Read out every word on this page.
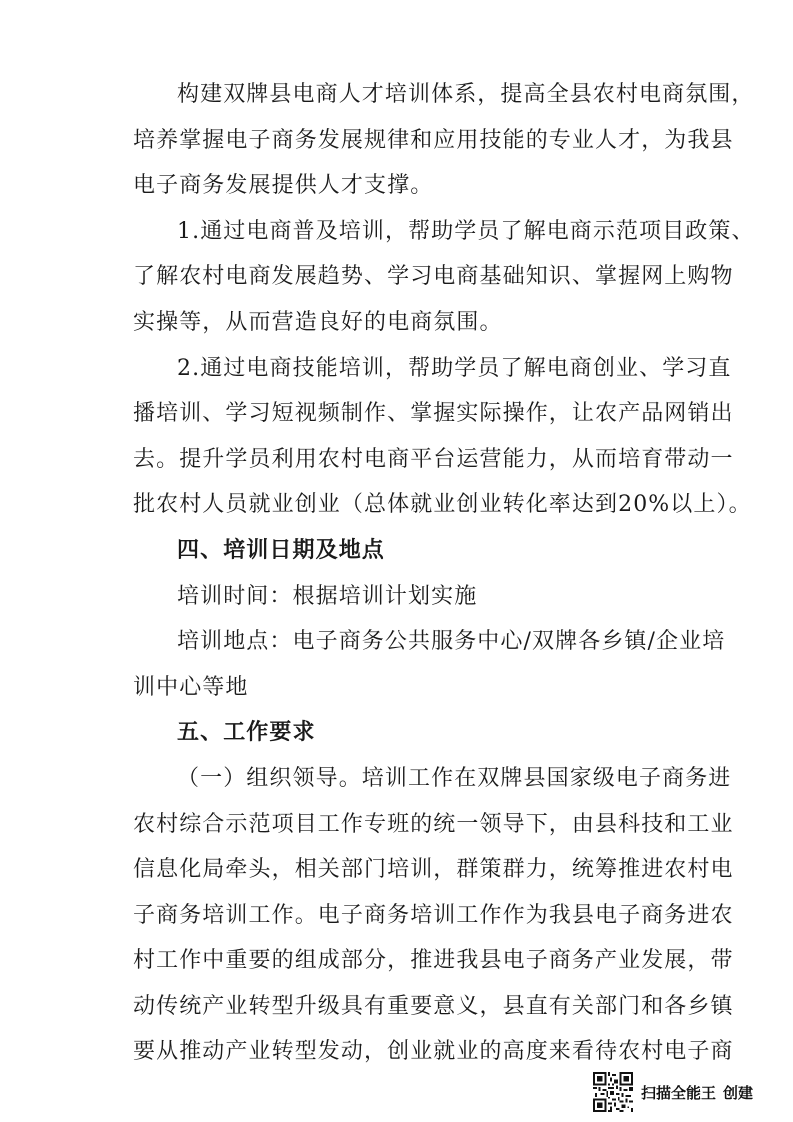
构建双牌县电商人才培训体系，提高全县农村电商氛围，
培养掌握电子商务发展规律和应用技能的专业人才，为我县
电子商务发展提供人才支撑。
1.通过电商普及培训，帮助学员了解电商示范项目政策、
了解农村电商发展趋势、学习电商基础知识、掌握网上购物
实操等，从而营造良好的电商氛围。
2.通过电商技能培训，帮助学员了解电商创业、学习直
播培训、学习短视频制作、掌握实际操作，让农产品网销出
去。提升学员利用农村电商平台运营能力，从而培育带动一
批农村人员就业创业（总体就业创业转化率达到20%以上）。
四、培训日期及地点
培训时间：根据培训计划实施
培训地点：电子商务公共服务中心/双牌各乡镇/企业培
训中心等地
五、工作要求
（一）组织领导。培训工作在双牌县国家级电子商务进
农村综合示范项目工作专班的统一领导下，由县科技和工业
信息化局牵头，相关部门培训，群策群力，统筹推进农村电
子商务培训工作。电子商务培训工作作为我县电子商务进农
村工作中重要的组成部分，推进我县电子商务产业发展，带
动传统产业转型升级具有重要意义，县直有关部门和各乡镇
要从推动产业转型发动，创业就业的高度来看待农村电子商
扫描全能王 创建
